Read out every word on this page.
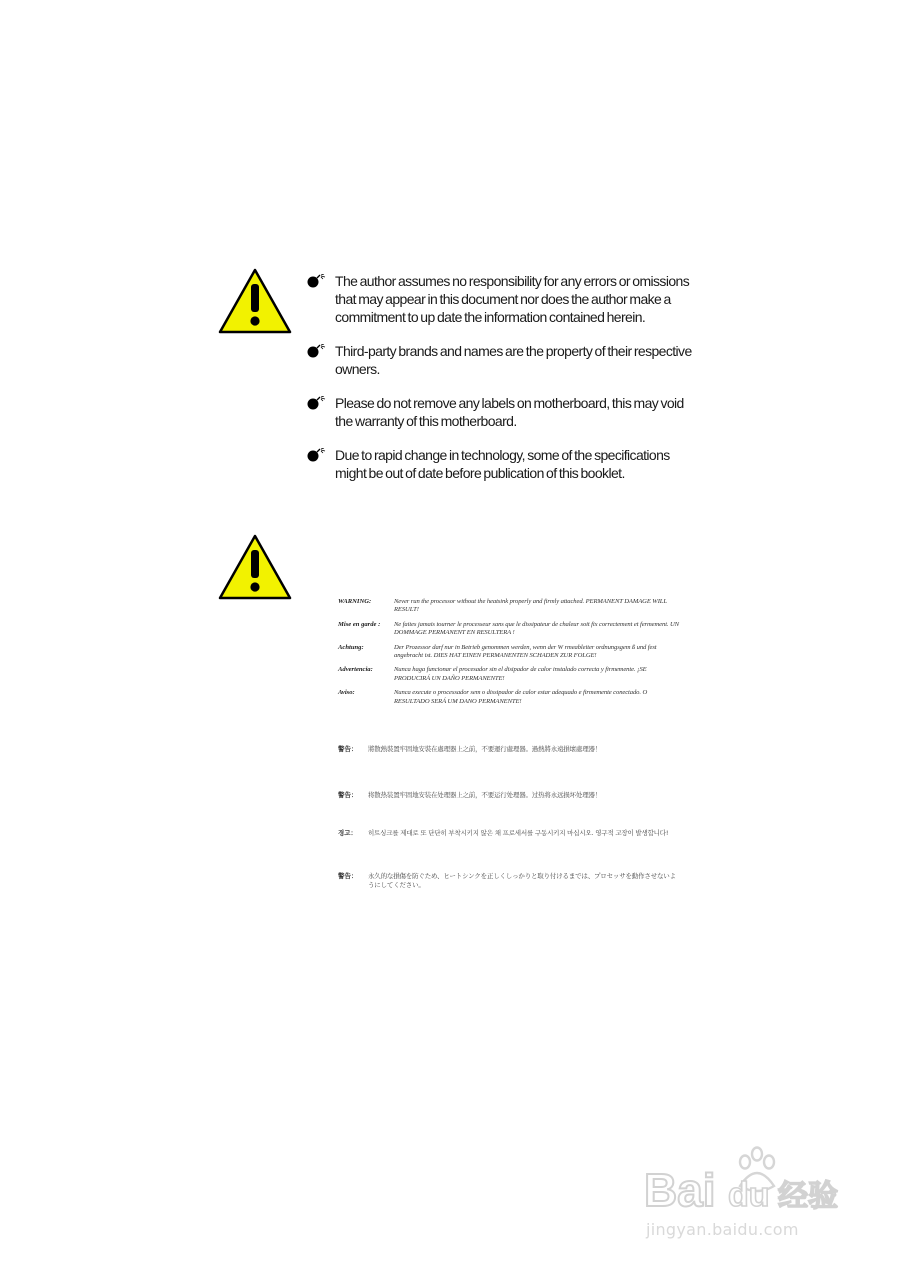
The author assumes no responsibility for any errors or omissions that may appear in this document nor does the author make a commitment to up date the information contained herein.
Third-party brands and names are the property of their respective owners.
Please do not remove any labels on motherboard, this may void the warranty of this motherboard.
Due to rapid change in technology, some of the specifications might be out of date before publication of this booklet.
WARNING:	Never run the processor without the heatsink properly and firmly attached. PERMANENT DAMAGE WILL RESULT!
Mise en garde :	Ne faites jamais tourner le processeur sans que le dissipateur de chaleur soit fix correctement et fermement. UN DOMMAGE PERMANENT EN RESULTERA !
Achtung:	Der Prozessor darf nur in Betrieb genommen werden, wenn der W rmeableiter ordnungsgem ß und fest angebracht ist. DIES HAT EINEN PERMANENTEN SCHADEN ZUR FOLGE!
Advertencia:	Nunca haga funcionar el procesador sin el disipador de calor instalado correcta y firmemente. ¡SE PRODUCIRÁ UN DAÑO PERMANENTE!
Aviso:	Nunca execute o processador sem o dissipador de calor estar adequado e firmemente conectado. O RESULTADO SERÁ UM DANO PERMANENTE!
警告： 將散熱裝置牢固地安裝在處理器上之前，不要運行處理器。過熱將永遠損壞處理器！
警告： 将散热装置牢固地安装在处理器上之前，不要运行处理器。过热将永远损坏处理器！
경고： 히트싱크를 제대로 또 단단히 부착시키지 않은 채 프로세서를 구동시키지 마십시오. 영구적 고장이 발생합니다!
警告： 永久的な損傷を防ぐため、ヒートシンクを正しくしっかりと取り付けるまでは、プロセッサを動作させないようにしてください。
Bai 经验
du
jingyan.baidu.com
